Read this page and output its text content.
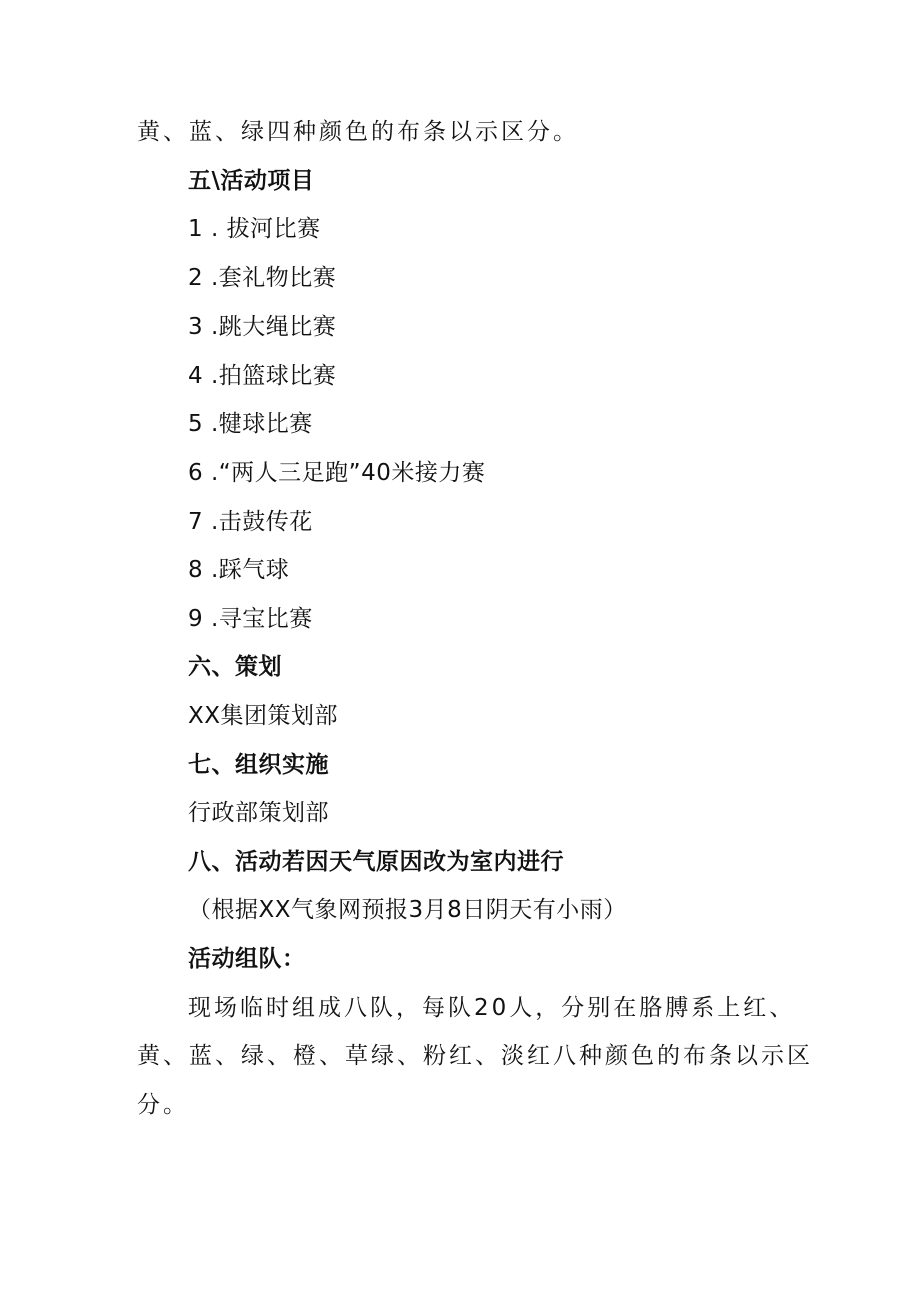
黄、蓝、绿四种颜色的布条以示区分。
五\活动项目
1 . 拔河比赛
2 .套礼物比赛
3 .跳大绳比赛
4 .拍篮球比赛
5 .犍球比赛
6 .“两人三足跑”40米接力赛
7 .击鼓传花
8 .踩气球
9 .寻宝比赛
六、策划
XX集团策划部
七、组织实施
行政部策划部
八、活动若因天气原因改为室内进行
（根据XX气象网预报3月8日阴天有小雨）
活动组队：
现场临时组成八队，每队20人，分别在胳膊系上红、
黄、蓝、绿、橙、草绿、粉红、淡红八种颜色的布条以示区
分。
